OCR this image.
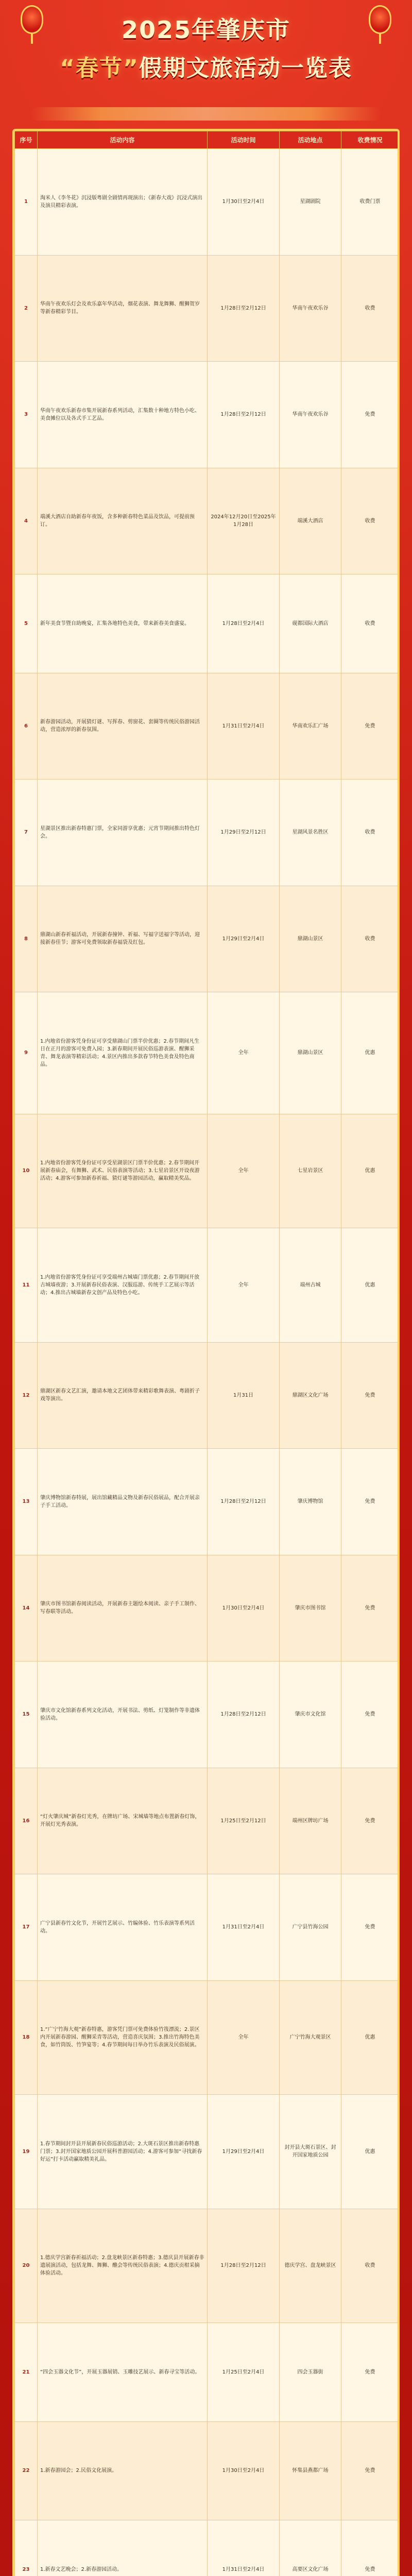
2025年肇庆市
“春节”假期文旅活动一览表
序号	活动内容	活动时间	活动地点	收费情况
1	淘米人《李冬花》沉浸版粤剧全剧情再现演出；《新春大戏》沉浸式演出及演员精彩表演。	1月30日至2月4日	星湖剧院	收费门票
2	华南午夜欢乐灯会及欢乐嘉年华活动，烟花表演、舞龙舞狮、醒狮贺岁等新春精彩节目。	1月28日至2月12日	华南午夜欢乐谷	收费
3	华南午夜欢乐新春市集开展新春系列活动，汇集数十种地方特色小吃、美食摊位以及各式手工艺品。	1月28日至2月12日	华南午夜欢乐谷	免费
4	端溪大酒店自助新春年夜饭，含多种新春特色菜品及饮品，可提前预订。	2024年12月20日至2025年1月28日	端溪大酒店	收费
5	新年美食节暨自助晚宴，汇集各地特色美食，带来新春美食盛宴。	1月28日至2月4日	砚都国际大酒店	收费
6	新春游园活动，开展猜灯谜、写挥春、剪窗花、套圈等传统民俗游园活动，营造浓厚的新春氛围。	1月31日至2月4日	华南欢乐汇广场	免费
7	星湖景区推出新春特惠门票，全家同游享优惠；元宵节期间推出特色灯会。	1月29日至2月12日	星湖风景名胜区	收费
8	鼎湖山新春祈福活动，开展新春撞钟、祈福、写福字送福字等活动，迎接新春佳节；游客可免费领取新春福袋及红包。	1月29日至2月4日	鼎湖山景区	收费
9	1.内地省份游客凭身份证可享受鼎湖山门票半价优惠；2.春节期间凡生日在正月的游客可免费入园；3.新春期间开展民俗巡游表演、醒狮采青、舞龙表演等精彩活动；4.景区内推出多款春节特色美食及特色商品。	全年	鼎湖山景区	优惠
10	1.内地省份游客凭身份证可享受星湖景区门票半价优惠；2.春节期间开展新春庙会，有舞狮、武术、民俗表演等活动；3.七星岩景区开设夜游活动；4.游客可参加新春祈福、猜灯谜等游园活动，赢取精美奖品。	全年	七星岩景区	优惠
11	1.内地省份游客凭身份证可享受端州古城墙门票优惠；2.春节期间开放古城墙夜游；3.开展新春民俗表演、汉服巡游、传统手工艺展示等活动；4.推出古城墙新春文创产品及特色小吃。	全年	端州古城	优惠
12	鼎湖区新春文艺汇演，邀请本地文艺团体带来精彩歌舞表演、粤剧折子戏等演出。	1月31日	鼎湖区文化广场	免费
13	肇庆博物馆新春特展，展出馆藏精品文物及新春民俗展品，配合开展亲子手工活动。	1月28日至2月12日	肇庆博物馆	免费
14	肇庆市图书馆新春阅读活动，开展新春主题绘本阅读、亲子手工制作、写春联等活动。	1月30日至2月4日	肇庆市图书馆	免费
15	肇庆市文化馆新春系列文化活动，开展书法、剪纸、灯笼制作等非遗体验活动。	1月28日至2月12日	肇庆市文化馆	免费
16	“灯火肇庆城”新春灯光秀，在牌坊广场、宋城墙等地点布置新春灯饰，开展灯光秀表演。	1月25日至2月12日	端州区牌坊广场	免费
17	广宁县新春竹文化节，开展竹艺展示、竹编体验、竹乐表演等系列活动。	1月31日至2月4日	广宁县竹海公园	免费
18	1.“广宁竹海大观”新春特惠，游客凭门票可免费体验竹筏漂流；2.景区内开展新春游园、醒狮采青等活动，营造喜庆氛围；3.推出竹海特色美食，如竹筒饭、竹笋宴等；4.春节期间每日举办竹乐表演及民俗展演。	全年	广宁竹海大观景区	优惠
19	1.春节期间封开县开展新春民俗巡游活动；2.大斑石景区推出新春特惠门票；3.封开国家地质公园开展科普游园活动；4.游客可参加“寻找新春好运”打卡活动赢取精美礼品。	1月29日至2月4日	封开县大斑石景区、封开国家地质公园	优惠
20	1.德庆学宫新春祈福活动；2.盘龙峡景区新春特惠；3.德庆县开展新春非遗展演活动，包括龙舞、舞狮、醮会等传统民俗表演；4.德庆贡柑采摘体验活动。	1月28日至2月12日	德庆学宫、盘龙峡景区	收费
21	“四会玉器文化节”，开展玉器展销、玉雕技艺展示、新春寻宝等活动。	1月25日至2月4日	四会玉器街	免费
22	1.新春游园会；2.民俗文化展演。	1月30日至2月4日	怀集县燕都广场	免费
23	1.新春文艺晚会；2.新春游园活动。	1月31日至2月4日	高要区文化广场	免费
